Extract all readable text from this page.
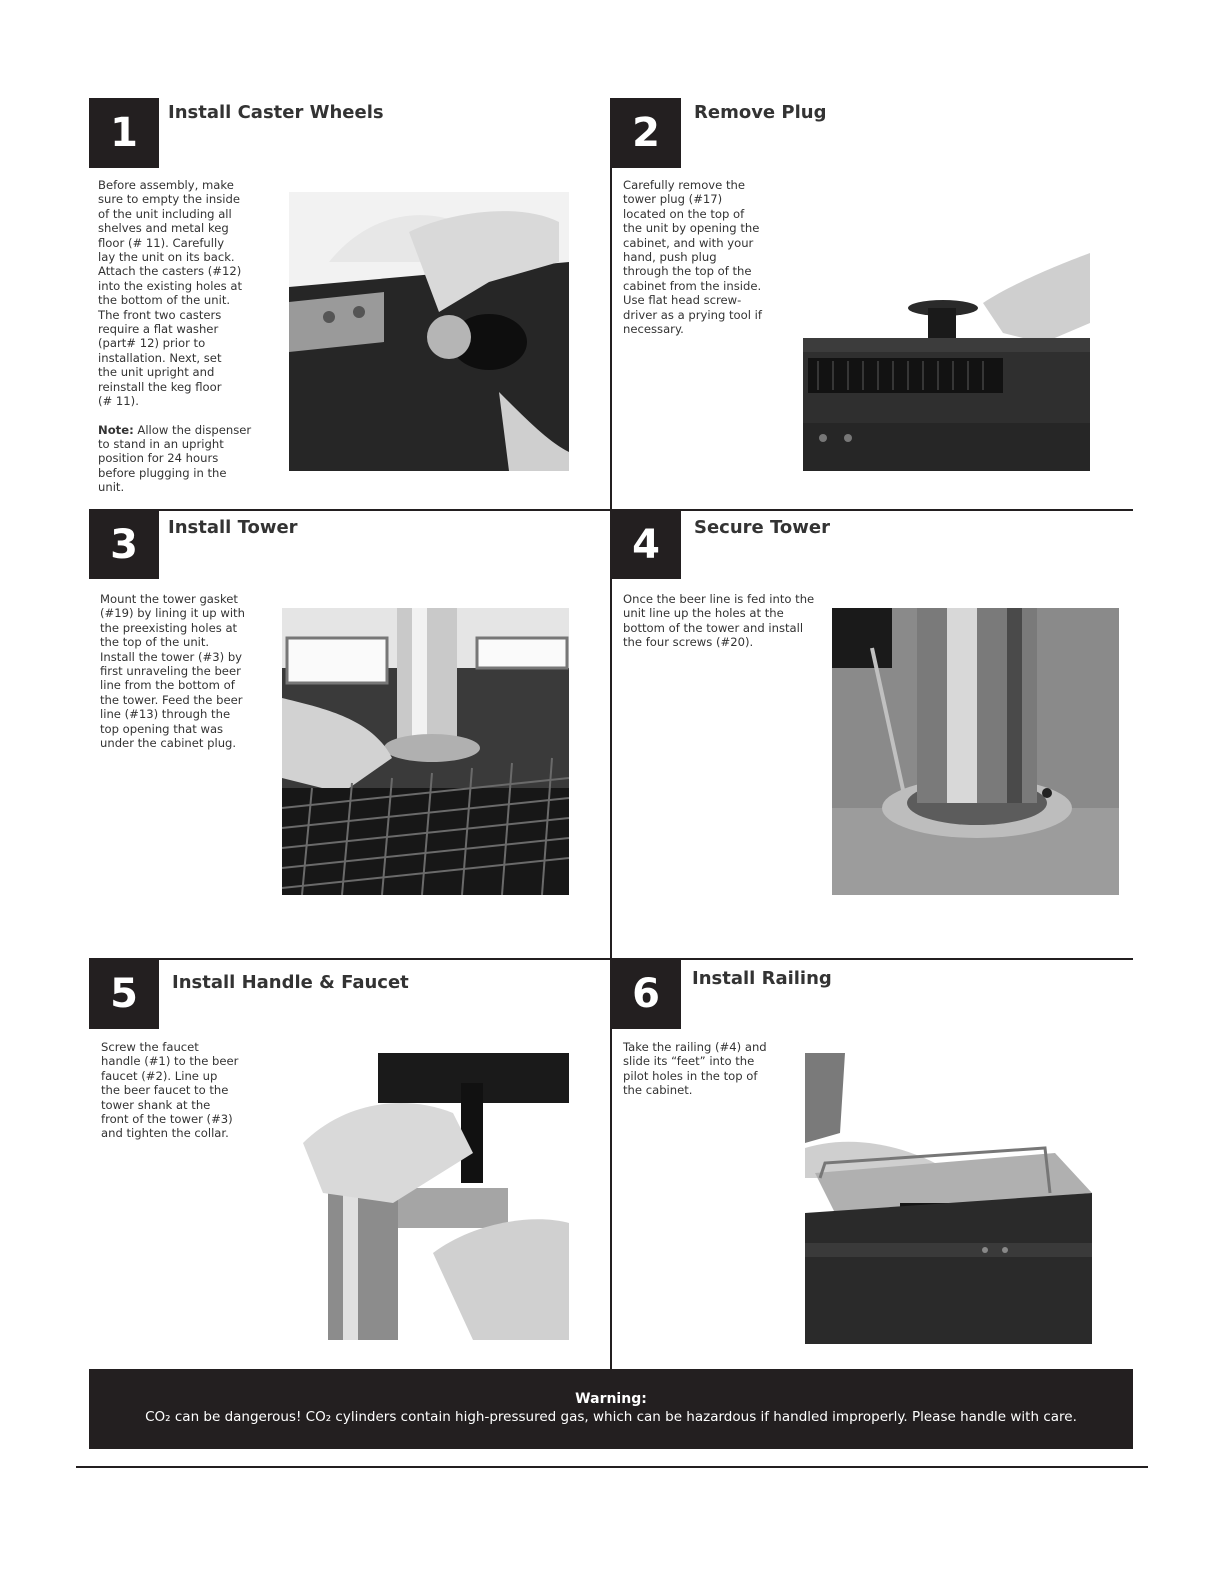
1	Install Caster Wheels

Before assembly, make

sure to empty the inside

of the unit including all

shelves and metal keg

floor (# 11). Carefully

lay the unit on its back.

Attach the casters (#12)

into the existing holes at

the bottom of the unit.

The front two casters

require a flat washer

(part# 12) prior to

installation. Next, set

the unit upright and

reinstall the keg floor

(# 11).

Note: Allow the dispenser

to stand in an upright

position for 24 hours

before plugging in the

unit.

2	Remove Plug

Carefully remove the

tower plug (#17)

located on the top of

the unit by opening the

cabinet, and with your

hand, push plug

through the top of the

cabinet from the inside.

Use flat head screw-

driver as a prying tool if

necessary.

3	Install Tower

Mount the tower gasket

(#19) by lining it up with

the preexisting holes at

the top of the unit.

Install the tower (#3) by

first unraveling the beer

line from the bottom of

the tower. Feed the beer

line (#13) through the

top opening that was

under the cabinet plug.

4	Secure Tower

Once the beer line is fed into the

unit line up the holes at the

bottom of the tower and install

the four screws (#20).

5	Install Handle & Faucet

Screw the faucet

handle (#1) to the beer

faucet (#2). Line up

the beer faucet to the

tower shank at the

front of the tower (#3)

and tighten the collar.

6	Install Railing

Take the railing (#4) and

slide its “feet” into the

pilot holes in the top of

the cabinet.

Warning:
CO₂ can be dangerous! CO₂ cylinders contain high-pressured gas, which can be hazardous if handled improperly. Please handle with care.
